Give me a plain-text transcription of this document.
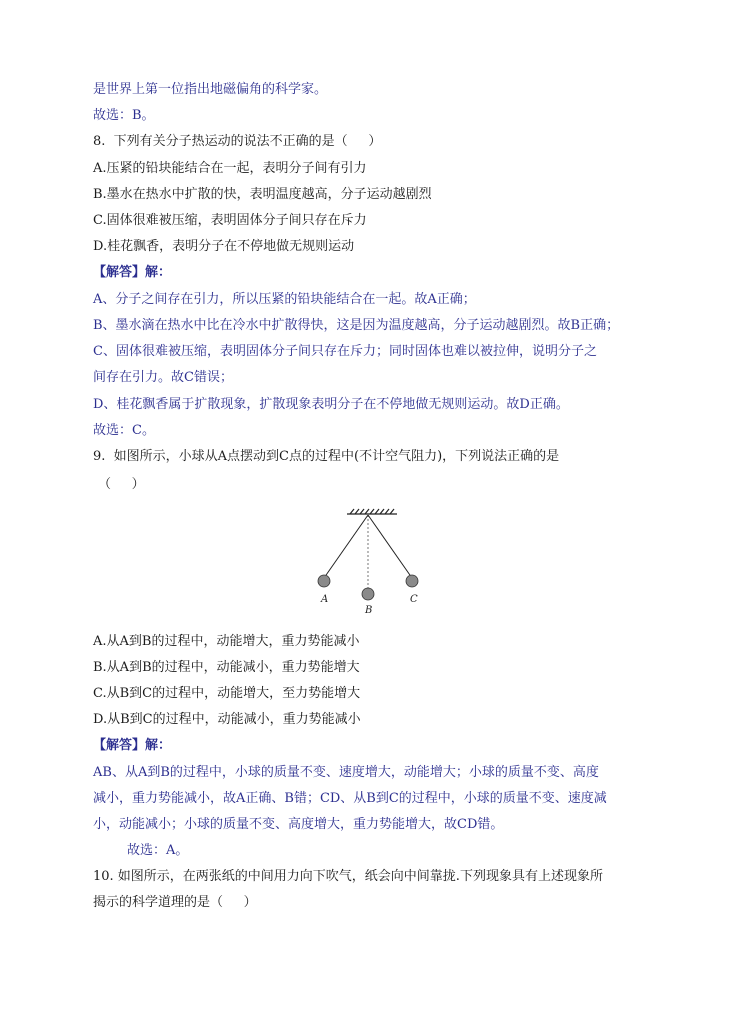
是世界上第一位指出地磁偏角的科学家。
故选：B。
8.  下列有关分子热运动的说法不正确的是（     ）
A.压紧的铅块能结合在一起，表明分子间有引力
B.墨水在热水中扩散的快，表明温度越高，分子运动越剧烈
C.固体很难被压缩，表明固体分子间只存在斥力
D.桂花飘香，表明分子在不停地做无规则运动
【解答】解：
A、分子之间存在引力，所以压紧的铅块能结合在一起。故A正确；
B、墨水滴在热水中比在冷水中扩散得快，这是因为温度越高，分子运动越剧烈。故B正确；
C、固体很难被压缩，表明固体分子间只存在斥力；同时固体也难以被拉伸，说明分子之
间存在引力。故C错误；
D、桂花飘香属于扩散现象，扩散现象表明分子在不停地做无规则运动。故D正确。
故选：C。
9.  如图所示，小球从A点摆动到C点的过程中(不计空气阻力)，下列说法正确的是
（     ）
A
B
C
A.从A到B的过程中，动能增大，重力势能减小
B.从A到B的过程中，动能减小，重力势能增大
C.从B到C的过程中，动能增大，至力势能增大
D.从B到C的过程中，动能减小，重力势能减小
【解答】解：
AB、从A到B的过程中，小球的质量不变、速度增大，动能增大；小球的质量不变、高度
减小，重力势能减小，故A正确、B错；CD、从B到C的过程中，小球的质量不变、速度减
小，动能减小；小球的质量不变、高度增大，重力势能增大，故CD错。
故选：A。
10. 如图所示，在两张纸的中间用力向下吹气，纸会向中间靠拢.下列现象具有上述现象所
揭示的科学道理的是（     ）
